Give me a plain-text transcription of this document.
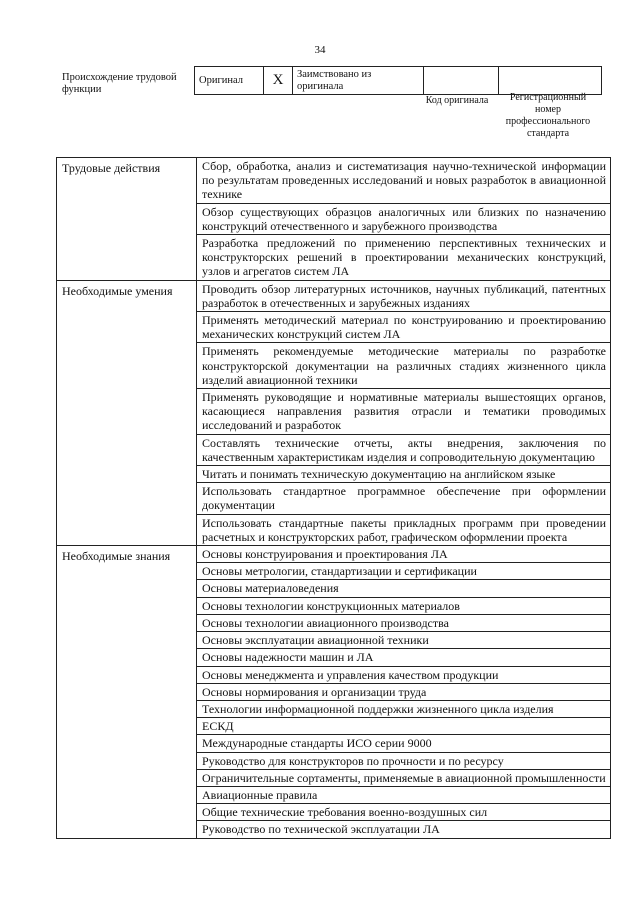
34
Происхождение трудовой функции
Оригинал	X	Заимствовано из оригинала		
Код оригинала	Регистрационный номер профессионального стандарта
Трудовые действия	Сбор, обработка, анализ и систематизация научно-технической информации по результатам проведенных исследований и новых разработок в авиационной технике
	Обзор существующих образцов аналогичных или близких по назначению конструкций отечественного и зарубежного производства
	Разработка предложений по применению перспективных технических и конструкторских решений в проектировании механических конструкций, узлов и агрегатов систем ЛА
Необходимые умения	Проводить обзор литературных источников, научных публикаций, патентных разработок в отечественных и зарубежных изданиях
	Применять методический материал по конструированию и проектированию механических конструкций систем ЛА
	Применять рекомендуемые методические материалы по разработке конструкторской документации на различных стадиях жизненного цикла изделий авиационной техники
	Применять руководящие и нормативные материалы вышестоящих органов, касающиеся направления развития отрасли и тематики проводимых исследований и разработок
	Составлять технические отчеты, акты внедрения, заключения по качественным характеристикам изделия и сопроводительную документацию
	Читать и понимать техническую документацию на английском языке
	Использовать стандартное программное обеспечение при оформлении документации
	Использовать стандартные пакеты прикладных программ при проведении расчетных и конструкторских работ, графическом оформлении проекта
Необходимые знания	Основы конструирования и проектирования ЛА
	Основы метрологии, стандартизации и сертификации
	Основы материаловедения
	Основы технологии конструкционных материалов
	Основы технологии авиационного производства
	Основы эксплуатации авиационной техники
	Основы надежности машин и ЛА
	Основы менеджмента и управления качеством продукции
	Основы нормирования и организации труда
	Технологии информационной поддержки жизненного цикла изделия
	ЕСКД
	Международные стандарты ИСО серии 9000
	Руководство для конструкторов по прочности и по ресурсу
	Ограничительные сортаменты, применяемые в авиационной промышленности
	Авиационные правила
	Общие технические требования военно-воздушных сил
	Руководство по технической эксплуатации ЛА
